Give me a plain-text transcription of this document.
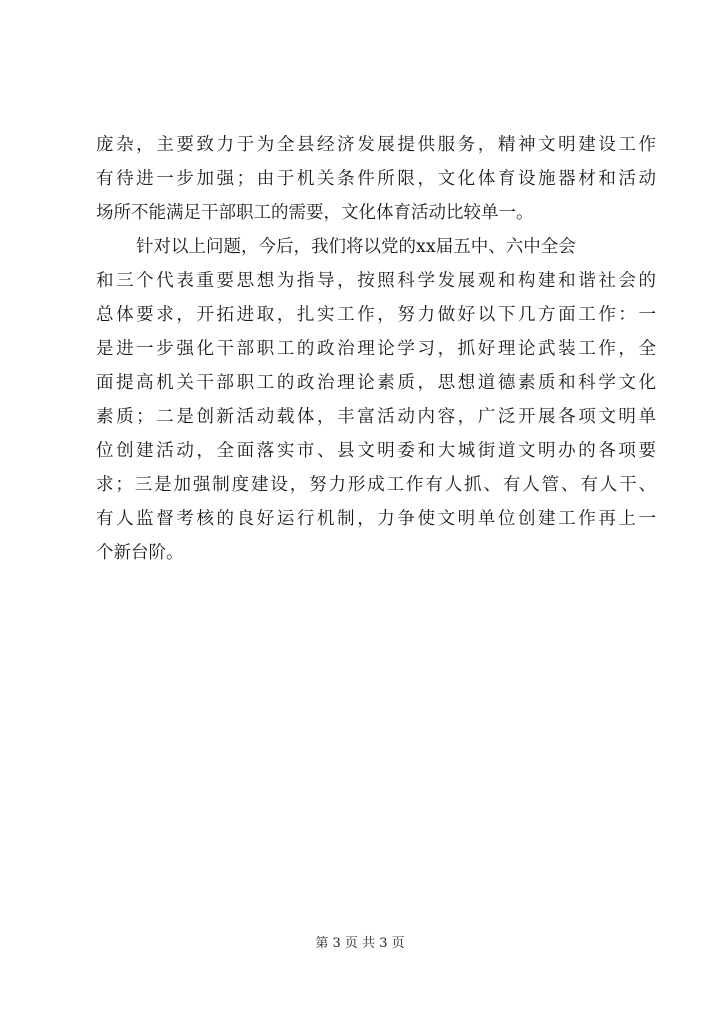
庞杂，主要致力于为全县经济发展提供服务，精神文明建设工作
有待进一步加强；由于机关条件所限，文化体育设施器材和活动
场所不能满足干部职工的需要，文化体育活动比较单一。
针对以上问题，今后，我们将以党的xx届五中、六中全会
和三个代表重要思想为指导，按照科学发展观和构建和谐社会的
总体要求，开拓进取，扎实工作，努力做好以下几方面工作：一
是进一步强化干部职工的政治理论学习，抓好理论武装工作，全
面提高机关干部职工的政治理论素质，思想道德素质和科学文化
素质；二是创新活动载体，丰富活动内容，广泛开展各项文明单
位创建活动，全面落实市、县文明委和大城街道文明办的各项要
求；三是加强制度建设，努力形成工作有人抓、有人管、有人干、
有人监督考核的良好运行机制，力争使文明单位创建工作再上一
个新台阶。
第 3 页 共 3 页
